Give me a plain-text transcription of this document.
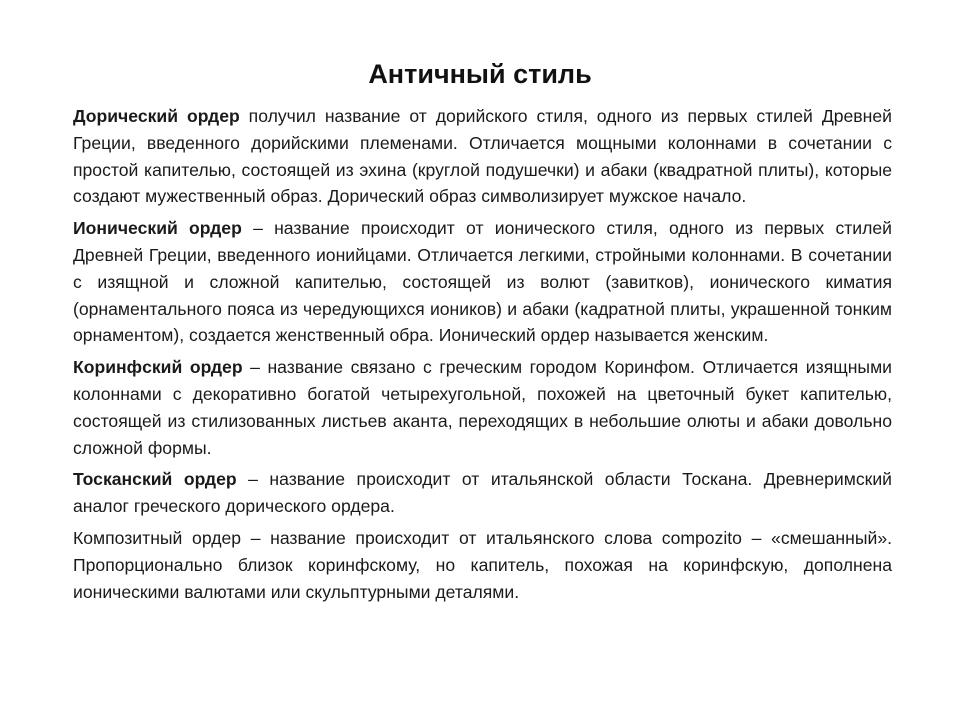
Античный стиль

Дорический ордер получил название от дорийского стиля, одного из первых стилей Древней Греции, введенного дорийскими племенами. Отличается мощными колоннами в сочетании с простой капителью, состоящей из эхина (круглой подушечки) и абаки (квадратной плиты), которые создают мужественный образ. Дорический образ символизирует мужское начало.

Ионический ордер – название происходит от ионического стиля, одного из первых стилей Древней Греции, введенного ионийцами. Отличается легкими, стройными колоннами. В сочетании с изящной и сложной капителью, состоящей из волют (завитков), ионического киматия (орнаментального пояса из чередующихся иоников) и абаки (кадратной плиты, украшенной тонким орнаментом), создается женственный обра. Ионический ордер называется женским.

Коринфский ордер – название связано с греческим городом Коринфом. Отличается изящными колоннами с декоративно богатой четырехугольной, похожей на цветочный букет капителью, состоящей из стилизованных листьев аканта, переходящих в небольшие олюты и абаки довольно сложной формы.

Тосканский ордер – название происходит от итальянской области Тоскана. Древнеримский аналог греческого дорического ордера.

Композитный ордер – название происходит от итальянского слова compozito – «смешанный». Пропорционально близок коринфскому, но капитель, похожая на коринфскую, дополнена ионическими валютами или скульптурными деталями.
